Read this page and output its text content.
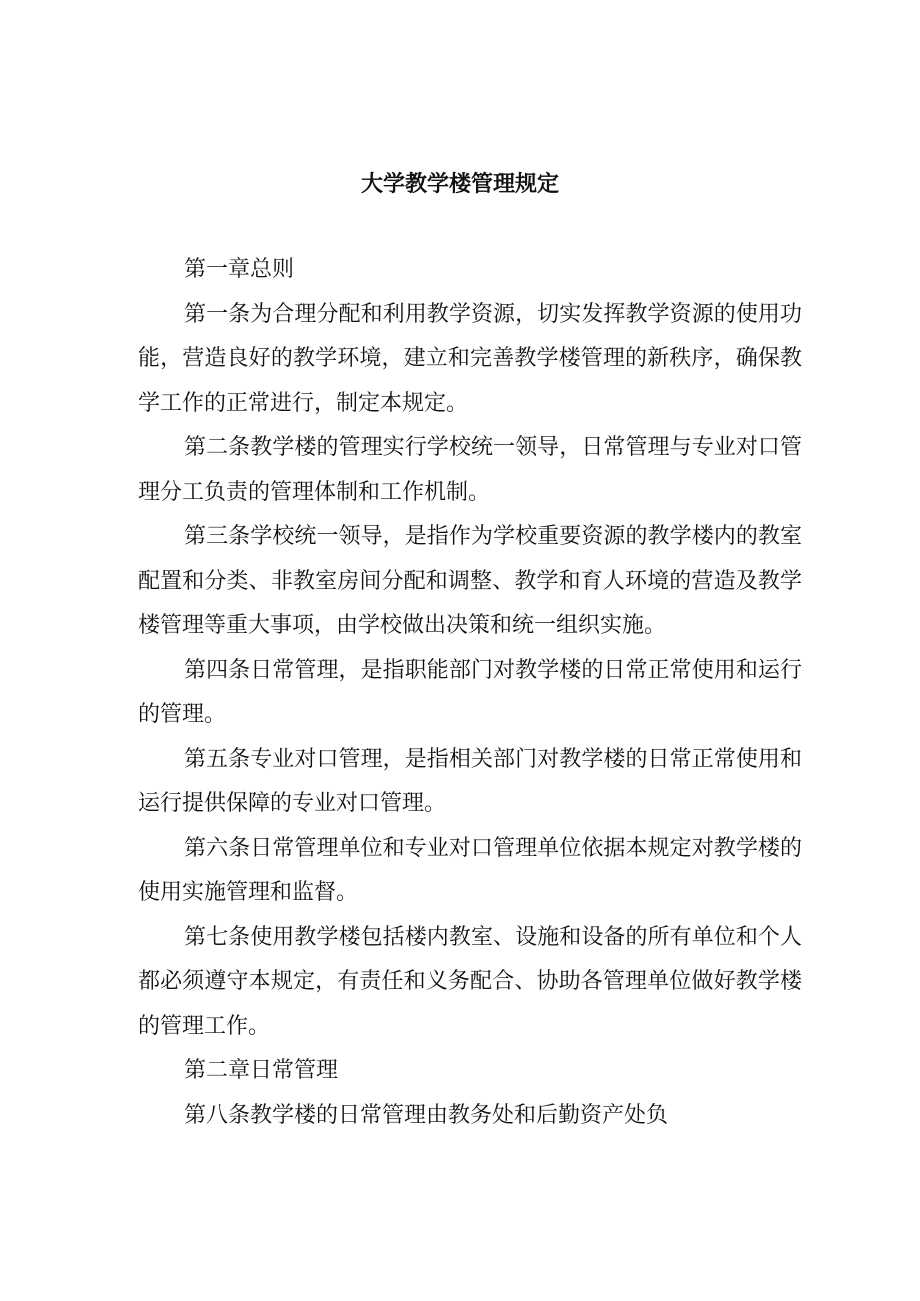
大学教学楼管理规定

第一章总则

第一条为合理分配和利用教学资源，切实发挥教学资源的使用功能，营造良好的教学环境，建立和完善教学楼管理的新秩序，确保教学工作的正常进行，制定本规定。

第二条教学楼的管理实行学校统一领导，日常管理与专业对口管理分工负责的管理体制和工作机制。

第三条学校统一领导，是指作为学校重要资源的教学楼内的教室配置和分类、非教室房间分配和调整、教学和育人环境的营造及教学楼管理等重大事项，由学校做出决策和统一组织实施。

第四条日常管理，是指职能部门对教学楼的日常正常使用和运行的管理。

第五条专业对口管理，是指相关部门对教学楼的日常正常使用和运行提供保障的专业对口管理。

第六条日常管理单位和专业对口管理单位依据本规定对教学楼的使用实施管理和监督。

第七条使用教学楼包括楼内教室、设施和设备的所有单位和个人都必须遵守本规定，有责任和义务配合、协助各管理单位做好教学楼的管理工作。

第二章日常管理

第八条教学楼的日常管理由教务处和后勤资产处负
